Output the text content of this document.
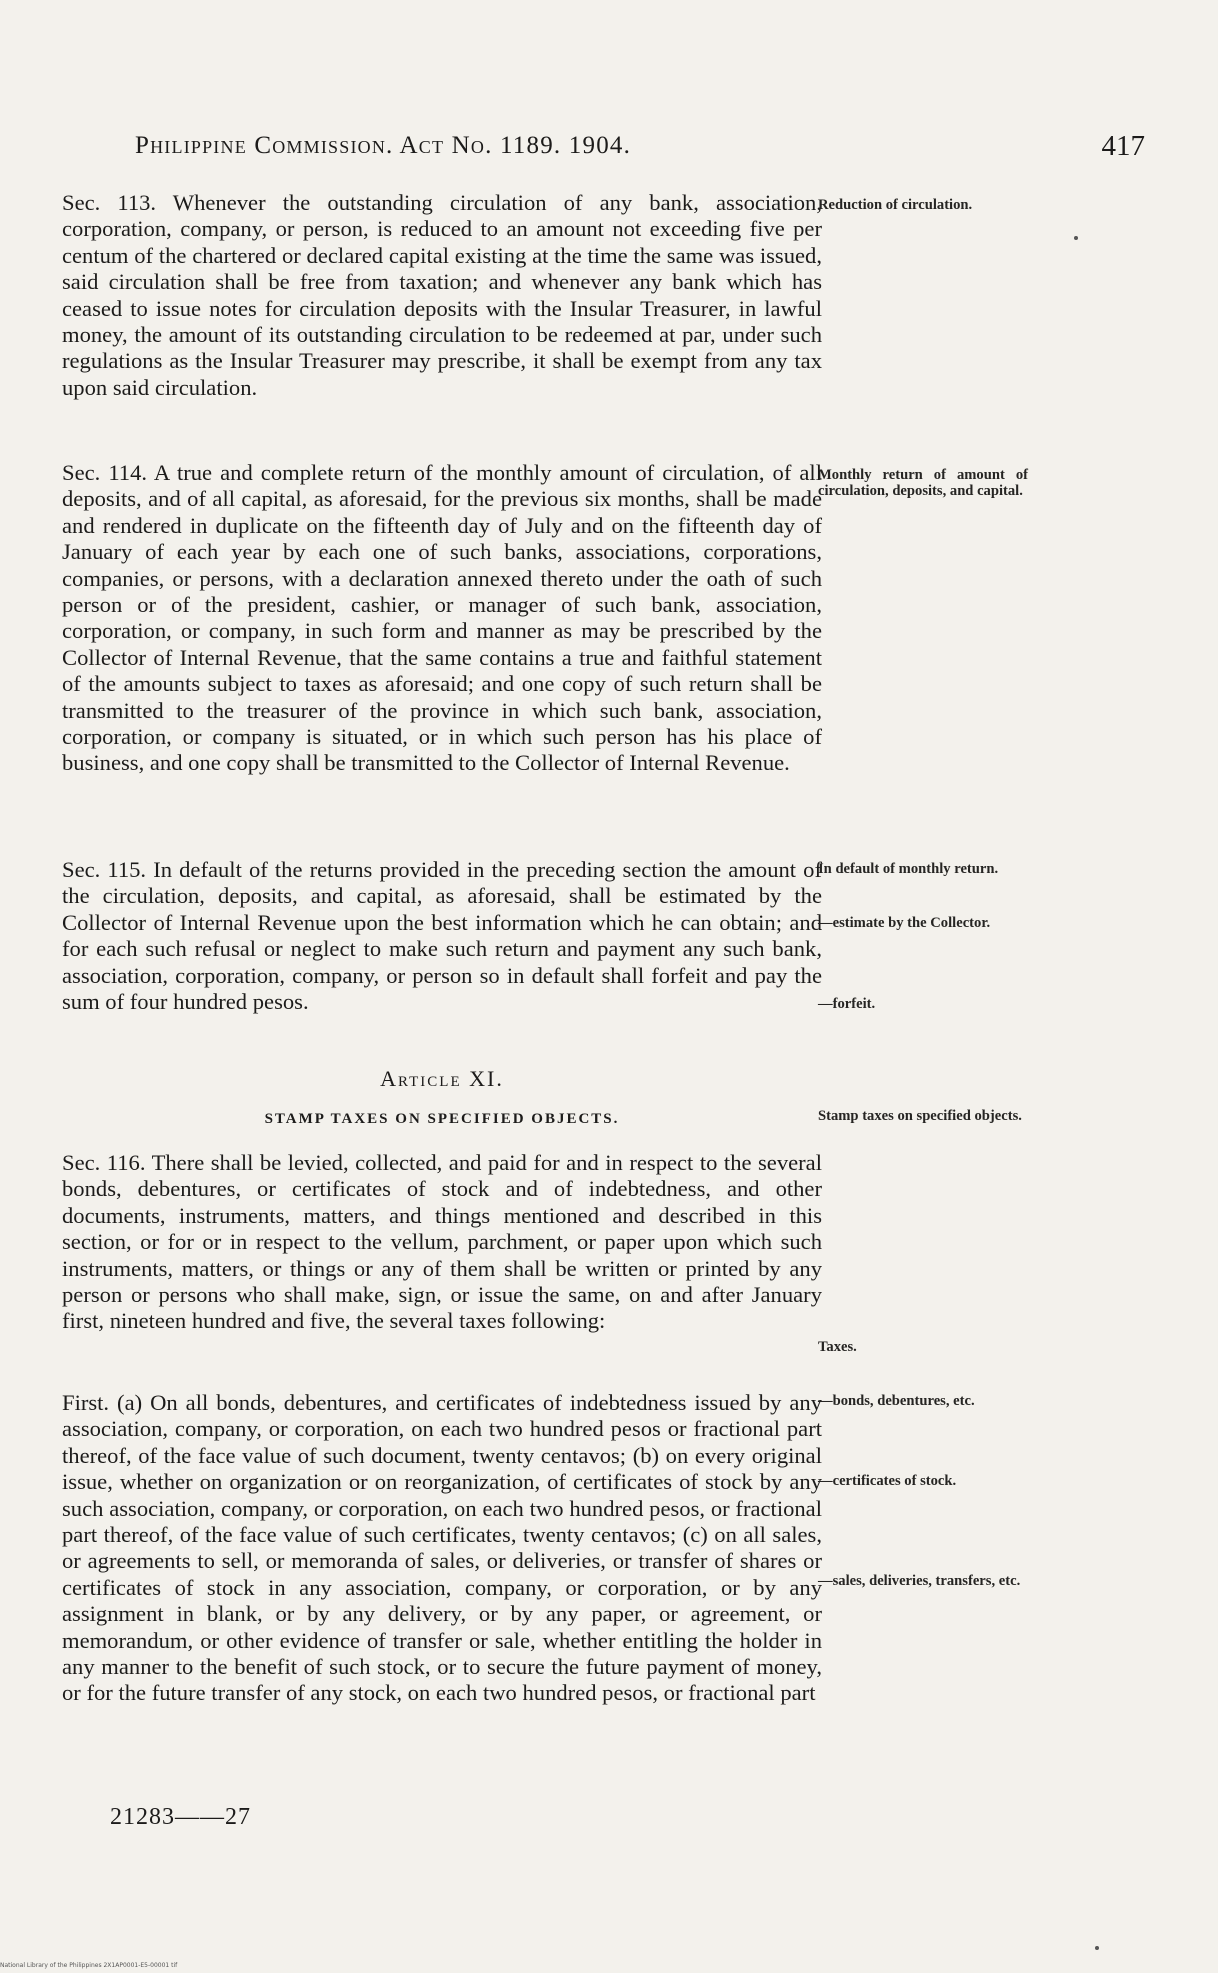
Philippine Commission. Act No. 1189. 1904.	417

Sec. 113. Whenever the outstanding circulation of any bank, association, corporation, company, or person, is reduced to an amount not exceeding five per centum of the chartered or declared capital existing at the time the same was issued, said circulation shall be free from taxation; and whenever any bank which has ceased to issue notes for circulation deposits with the Insular Treasurer, in lawful money, the amount of its outstanding circulation to be redeemed at par, under such regulations as the Insular Treasurer may prescribe, it shall be exempt from any tax upon said circulation.

Reduction of circulation.

Sec. 114. A true and complete return of the monthly amount of circulation, of all deposits, and of all capital, as aforesaid, for the previous six months, shall be made and rendered in duplicate on the fifteenth day of July and on the fifteenth day of January of each year by each one of such banks, associations, corporations, companies, or persons, with a declaration annexed thereto under the oath of such person or of the president, cashier, or manager of such bank, association, corporation, or company, in such form and manner as may be prescribed by the Collector of Internal Revenue, that the same contains a true and faithful statement of the amounts subject to taxes as aforesaid; and one copy of such return shall be transmitted to the treasurer of the province in which such bank, association, corporation, or company is situated, or in which such person has his place of business, and one copy shall be transmitted to the Collector of Internal Revenue.

Monthly return of amount of circulation, deposits, and capital.

Sec. 115. In default of the returns provided in the preceding section the amount of the circulation, deposits, and capital, as aforesaid, shall be estimated by the Collector of Internal Revenue upon the best information which he can obtain; and for each such refusal or neglect to make such return and payment any such bank, association, corporation, company, or person so in default shall forfeit and pay the sum of four hundred pesos.

In default of monthly return.
—estimate by the Collector.
—forfeit.
Article XI.
STAMP TAXES ON SPECIFIED OBJECTS.	Stamp taxes on specified objects.

Sec. 116. There shall be levied, collected, and paid for and in respect to the several bonds, debentures, or certificates of stock and of indebtedness, and other documents, instruments, matters, and things mentioned and described in this section, or for or in respect to the vellum, parchment, or paper upon which such instruments, matters, or things or any of them shall be written or printed by any person or persons who shall make, sign, or issue the same, on and after January first, nineteen hundred and five, the several taxes following:

Taxes.

First. (a) On all bonds, debentures, and certificates of indebtedness issued by any association, company, or corporation, on each two hundred pesos or fractional part thereof, of the face value of such document, twenty centavos; (b) on every original issue, whether on organization or on reorganization, of certificates of stock by any such association, company, or corporation, on each two hundred pesos, or fractional part thereof, of the face value of such certificates, twenty centavos; (c) on all sales, or agreements to sell, or memoranda of sales, or deliveries, or transfer of shares or certificates of stock in any association, company, or corporation, or by any assignment in blank, or by any delivery, or by any paper, or agreement, or memorandum, or other evidence of transfer or sale, whether entitling the holder in any manner to the benefit of such stock, or to secure the future payment of money, or for the future transfer of any stock, on each two hundred pesos, or fractional part

—bonds, debentures, etc.
—certificates of stock.
—sales, deliveries, transfers, etc.
21283——27
National Library of the Philippines 2X1AP0001-E5-00001 tif
